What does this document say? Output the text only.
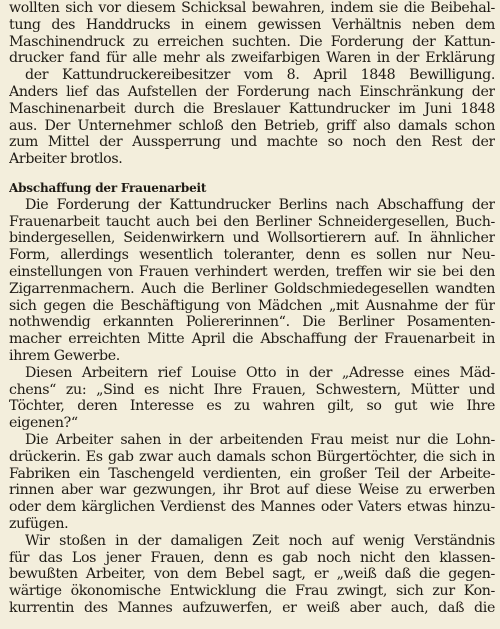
wollten sich vor diesem Schicksal bewahren, indem sie die Beibehal-
tung des Handdrucks in einem gewissen Verhältnis neben dem
Maschinendruck zu erreichen suchten. Die Forderung der Kattun-
drucker fand für alle mehr als zweifarbigen Waren in der Erklärung
der Kattundruckereibesitzer vom 8. April 1848 Bewilligung.
Anders lief das Aufstellen der Forderung nach Einschränkung der
Maschinenarbeit durch die Breslauer Kattundrucker im Juni 1848
aus. Der Unternehmer schloß den Betrieb, griff also damals schon
zum Mittel der Aussperrung und machte so noch den Rest der
Arbeiter brotlos.
Abschaffung der Frauenarbeit
Die Forderung der Kattundrucker Berlins nach Abschaffung der
Frauenarbeit taucht auch bei den Berliner Schneidergesellen, Buch-
bindergesellen, Seidenwirkern und Wollsortierern auf. In ähnlicher
Form, allerdings wesentlich toleranter, denn es sollen nur Neu-
einstellungen von Frauen verhindert werden, treffen wir sie bei den
Zigarrenmachern. Auch die Berliner Goldschmiedegesellen wandten
sich gegen die Beschäftigung von Mädchen „mit Ausnahme der für
nothwendig erkannten Poliererinnen“. Die Berliner Posamenten-
macher erreichten Mitte April die Abschaffung der Frauenarbeit in
ihrem Gewerbe.
Diesen Arbeitern rief Louise Otto in der „Adresse eines Mäd-
chens“ zu: „Sind es nicht Ihre Frauen, Schwestern, Mütter und
Töchter, deren Interesse es zu wahren gilt, so gut wie Ihre
eigenen?“
Die Arbeiter sahen in der arbeitenden Frau meist nur die Lohn-
drückerin. Es gab zwar auch damals schon Bürgertöchter, die sich in
Fabriken ein Taschengeld verdienten, ein großer Teil der Arbeite-
rinnen aber war gezwungen, ihr Brot auf diese Weise zu erwerben
oder dem kärglichen Verdienst des Mannes oder Vaters etwas hinzu-
zufügen.
Wir stoßen in der damaligen Zeit noch auf wenig Verständnis
für das Los jener Frauen, denn es gab noch nicht den klassen-
bewußten Arbeiter, von dem Bebel sagt, er „weiß daß die gegen-
wärtige ökonomische Entwicklung die Frau zwingt, sich zur Kon-
kurrentin des Mannes aufzuwerfen, er weiß aber auch, daß die
